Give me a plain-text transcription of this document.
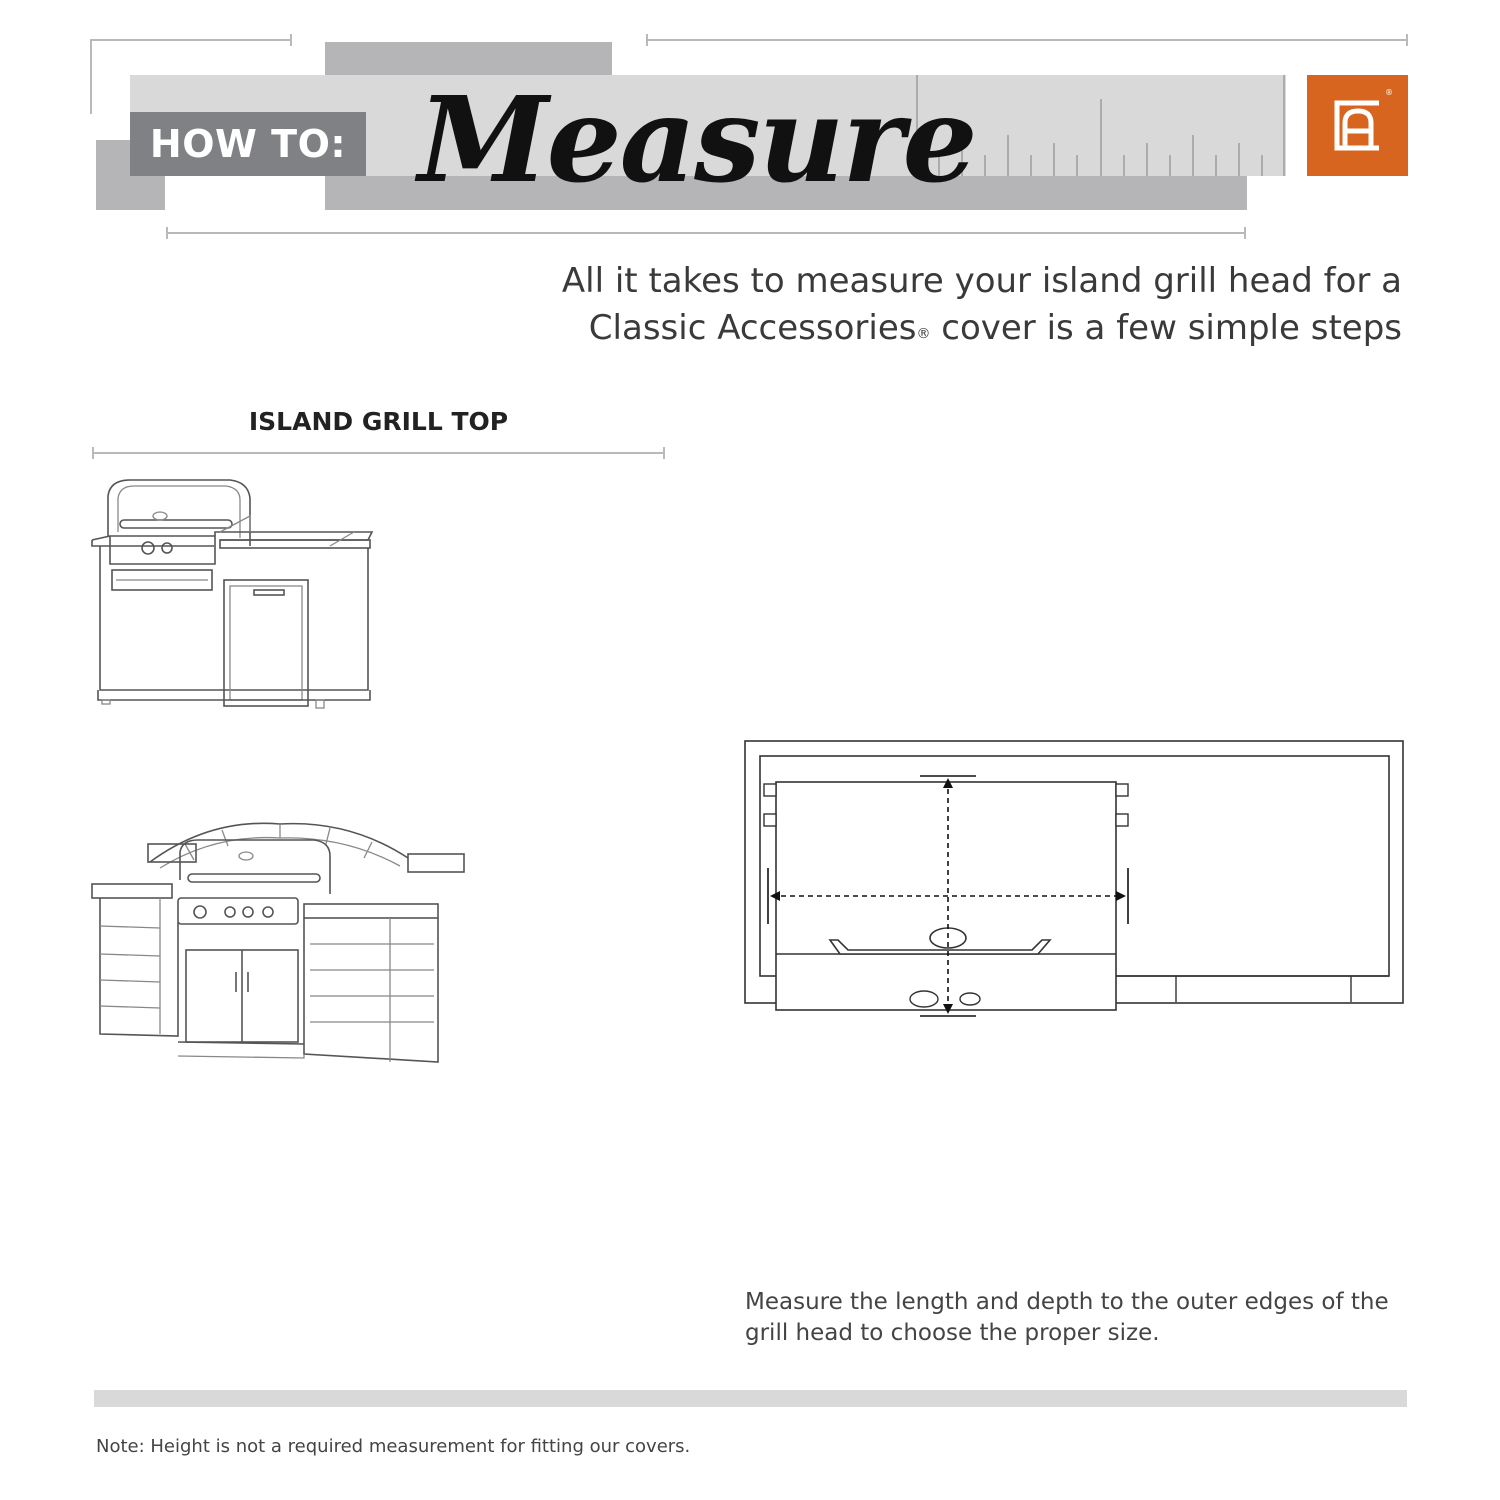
HOW TO: Measure	®
All it takes to measure your island grill head for a
Classic Accessories® cover is a few simple steps
ISLAND GRILL TOP
Measure the length and depth to the outer edges of the grill head to choose the proper size.
Note: Height is not a required measurement for fitting our covers.
